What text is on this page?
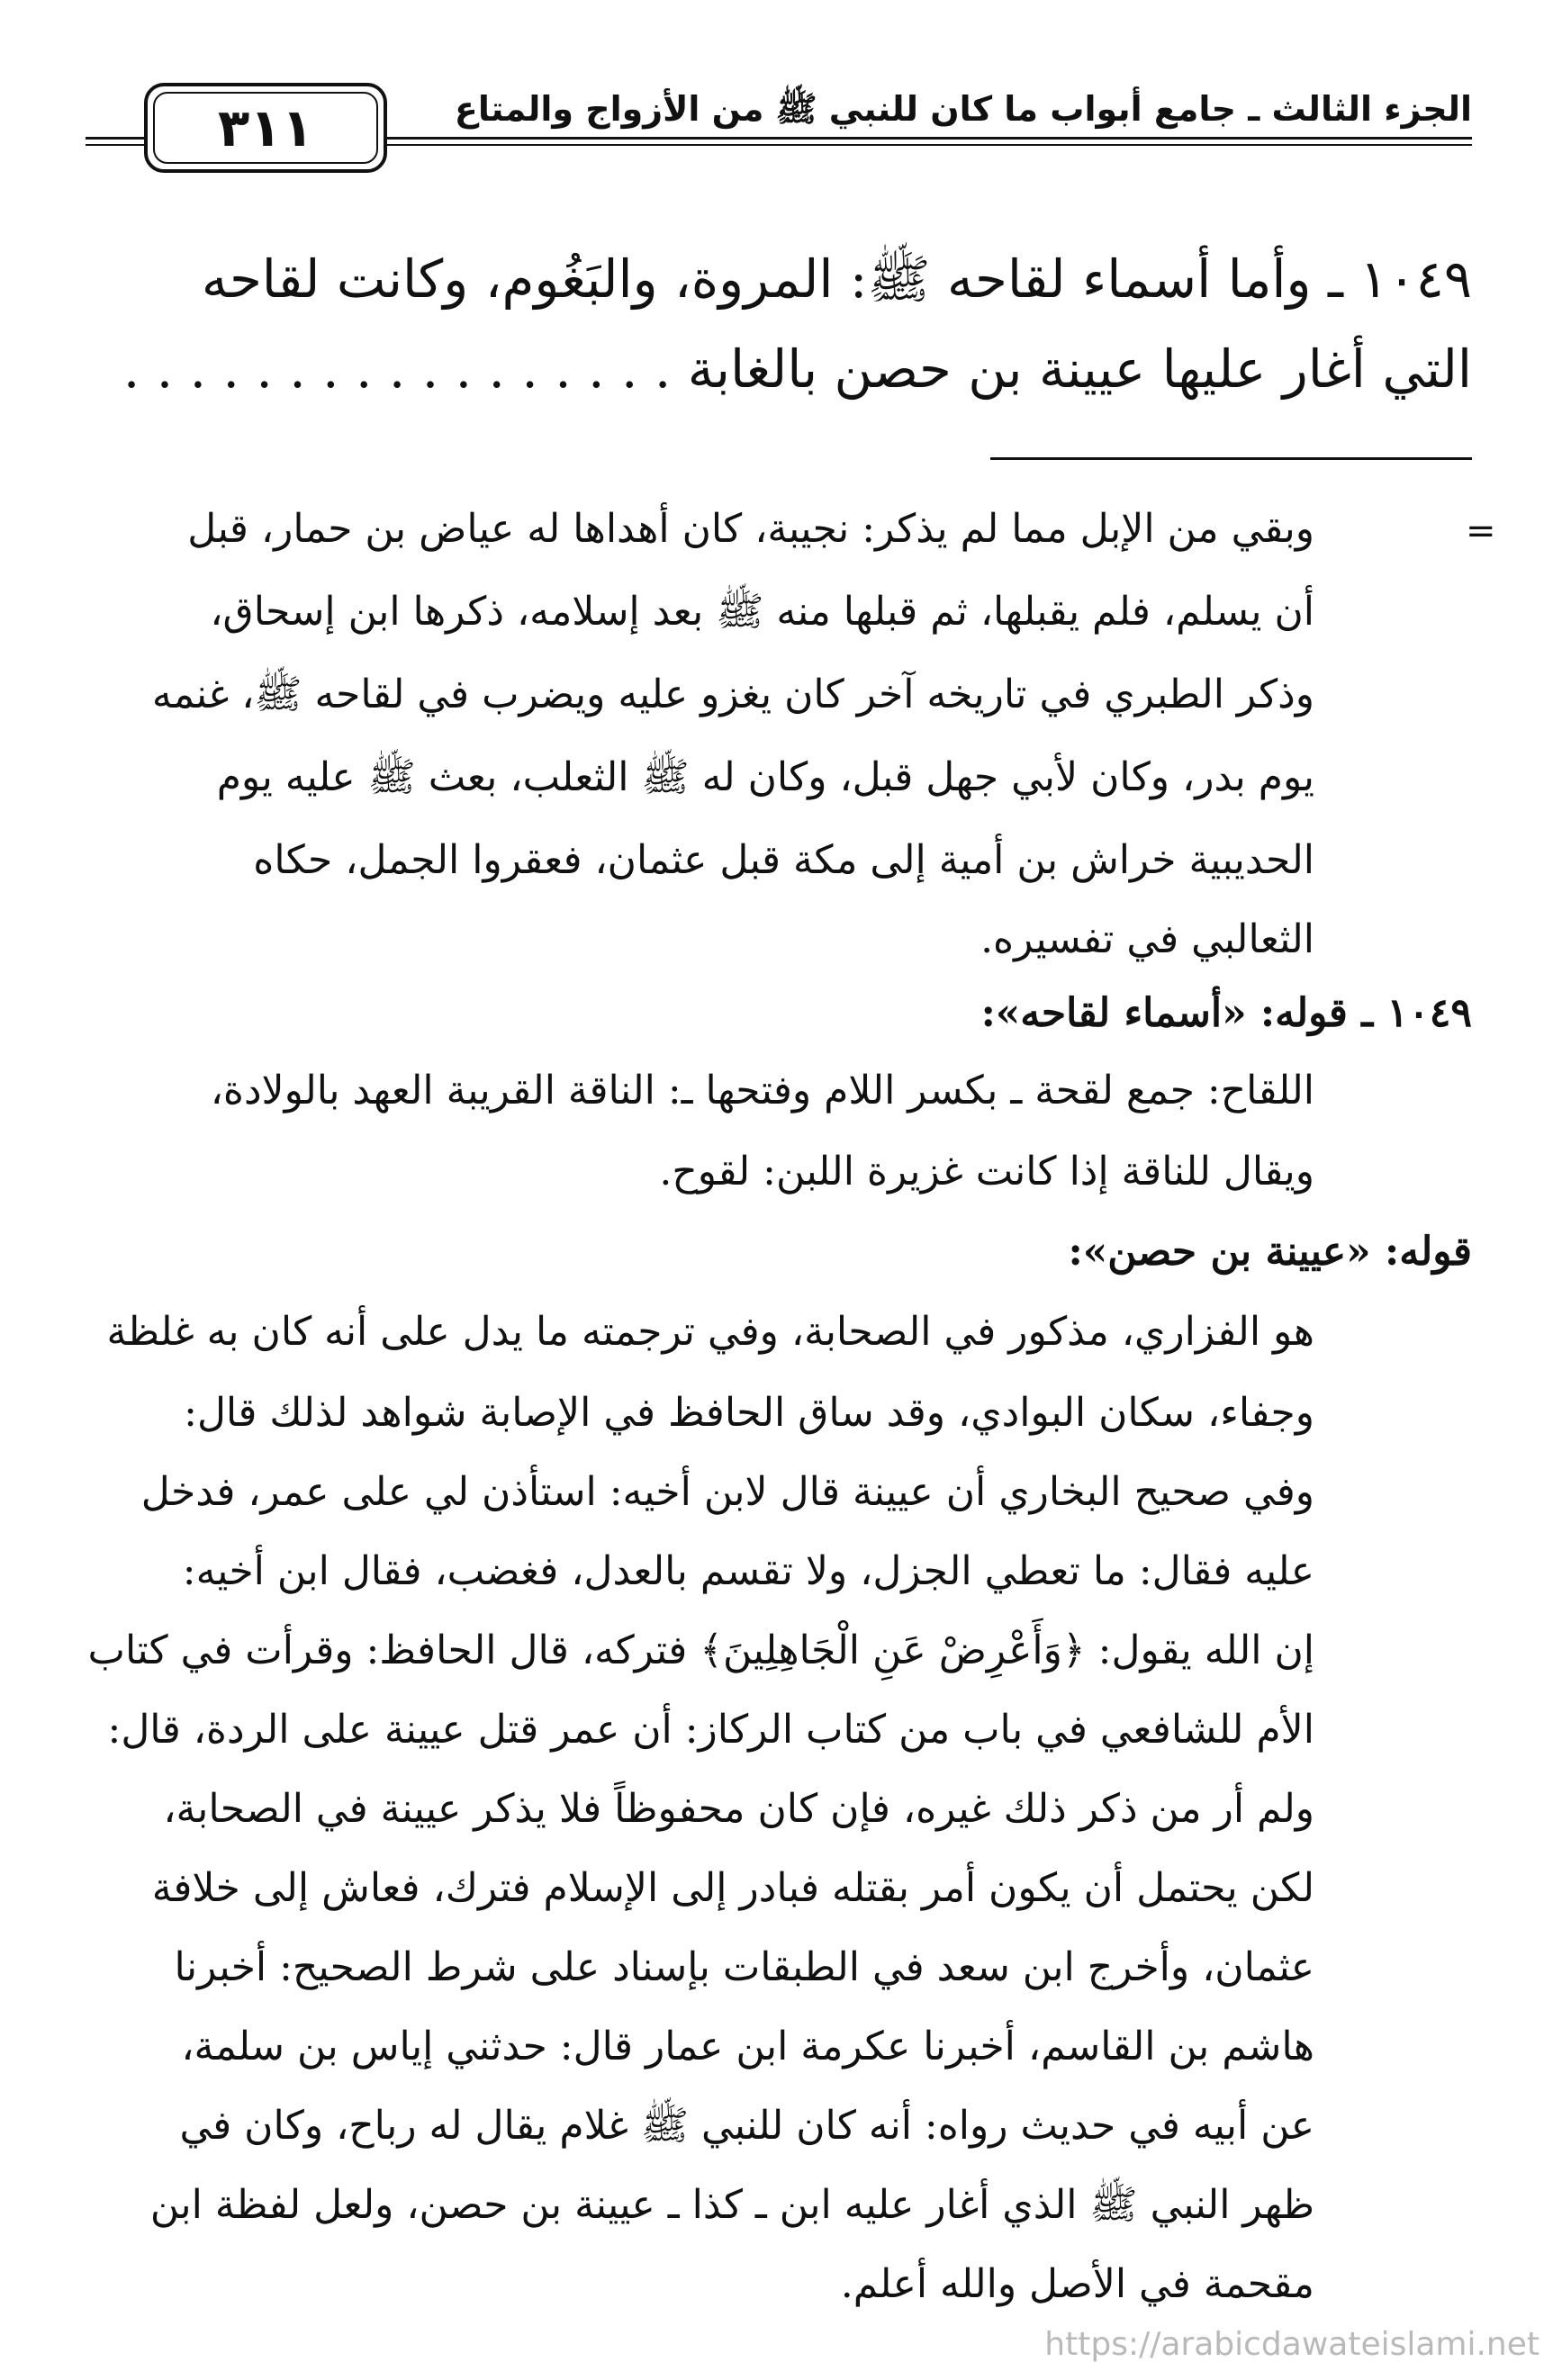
٣١١	الجزء الثالث ـ جامع أبواب ما كان للنبي ﷺ من الأزواج والمتاع
١٠٤٩ ـ وأما أسماء لقاحه ﷺ: المروة، والبَغُوم، وكانت لقاحه
التي أغار عليها عيينة بن حصن بالغابة . . . . . . . . . . . . . . . . .
=
وبقي من الإبل مما لم يذكر: نجيبة، كان أهداها له عياض بن حمار، قبل
أن يسلم، فلم يقبلها، ثم قبلها منه ﷺ بعد إسلامه، ذكرها ابن إسحاق،
وذكر الطبري في تاريخه آخر كان يغزو عليه ويضرب في لقاحه ﷺ، غنمه
يوم بدر، وكان لأبي جهل قبل، وكان له ﷺ الثعلب، بعث ﷺ عليه يوم
الحديبية خراش بن أمية إلى مكة قبل عثمان، فعقروا الجمل، حكاه
الثعالبي في تفسيره.
١٠٤٩ ـ قوله: «أسماء لقاحه»:
اللقاح: جمع لقحة ـ بكسر اللام وفتحها ـ: الناقة القريبة العهد بالولادة،
ويقال للناقة إذا كانت غزيرة اللبن: لقوح.
قوله: «عيينة بن حصن»:
هو الفزاري، مذكور في الصحابة، وفي ترجمته ما يدل على أنه كان به غلظة
وجفاء، سكان البوادي، وقد ساق الحافظ في الإصابة شواهد لذلك قال:
وفي صحيح البخاري أن عيينة قال لابن أخيه: استأذن لي على عمر، فدخل
عليه فقال: ما تعطي الجزل، ولا تقسم بالعدل، فغضب، فقال ابن أخيه:
إن الله يقول: ﴿وَأَعْرِضْ عَنِ الْجَاهِلِينَ﴾ فتركه، قال الحافظ: وقرأت في كتاب
الأم للشافعي في باب من كتاب الركاز: أن عمر قتل عيينة على الردة، قال:
ولم أر من ذكر ذلك غيره، فإن كان محفوظاً فلا يذكر عيينة في الصحابة،
لكن يحتمل أن يكون أمر بقتله فبادر إلى الإسلام فترك، فعاش إلى خلافة
عثمان، وأخرج ابن سعد في الطبقات بإسناد على شرط الصحيح: أخبرنا
هاشم بن القاسم، أخبرنا عكرمة ابن عمار قال: حدثني إياس بن سلمة،
عن أبيه في حديث رواه: أنه كان للنبي ﷺ غلام يقال له رباح، وكان في
ظهر النبي ﷺ الذي أغار عليه ابن ـ كذا ـ عيينة بن حصن، ولعل لفظة ابن
مقحمة في الأصل والله أعلم.
https://arabicdawateislami.net
